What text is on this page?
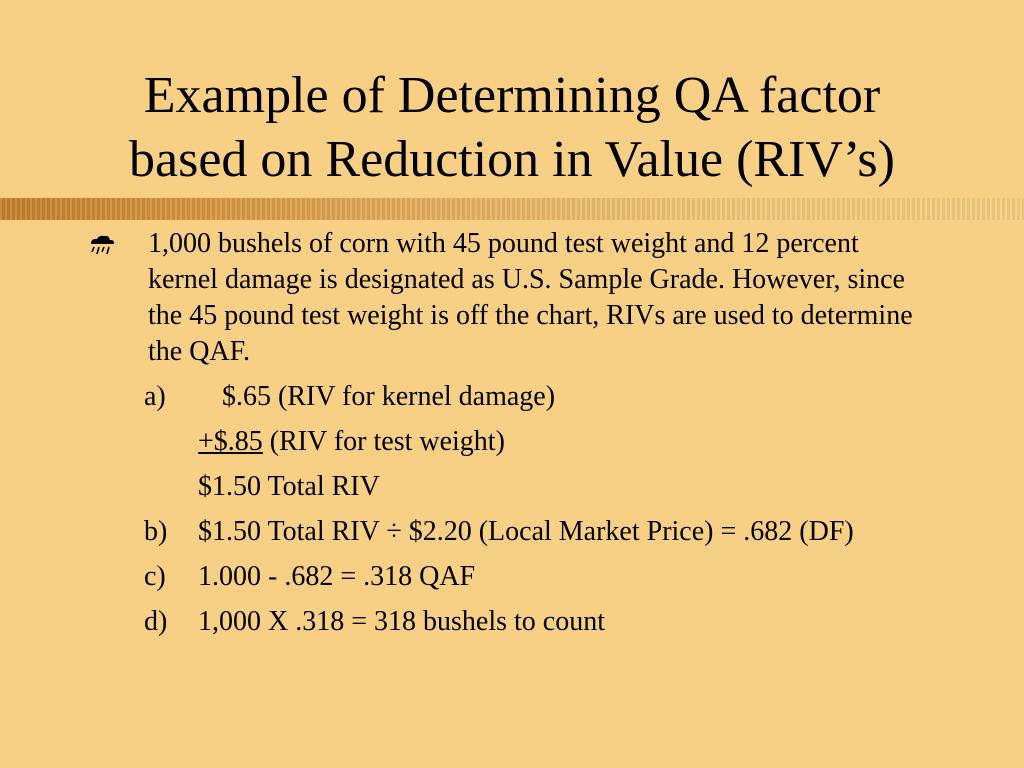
Example of Determining QA factor
based on Reduction in Value (RIV’s)

1,000 bushels of corn with 45 pound test weight and 12 percent kernel damage is designated as U.S. Sample Grade. However, since the 45 pound test weight is off the chart, RIVs are used to determine the QAF.

a) $.65 (RIV for kernel damage)
+$.85 (RIV for test weight)
$1.50 Total RIV
b) $1.50 Total RIV ÷ $2.20 (Local Market Price) = .682 (DF)
c) 1.000 - .682 = .318 QAF
d) 1,000 X .318 = 318 bushels to count
